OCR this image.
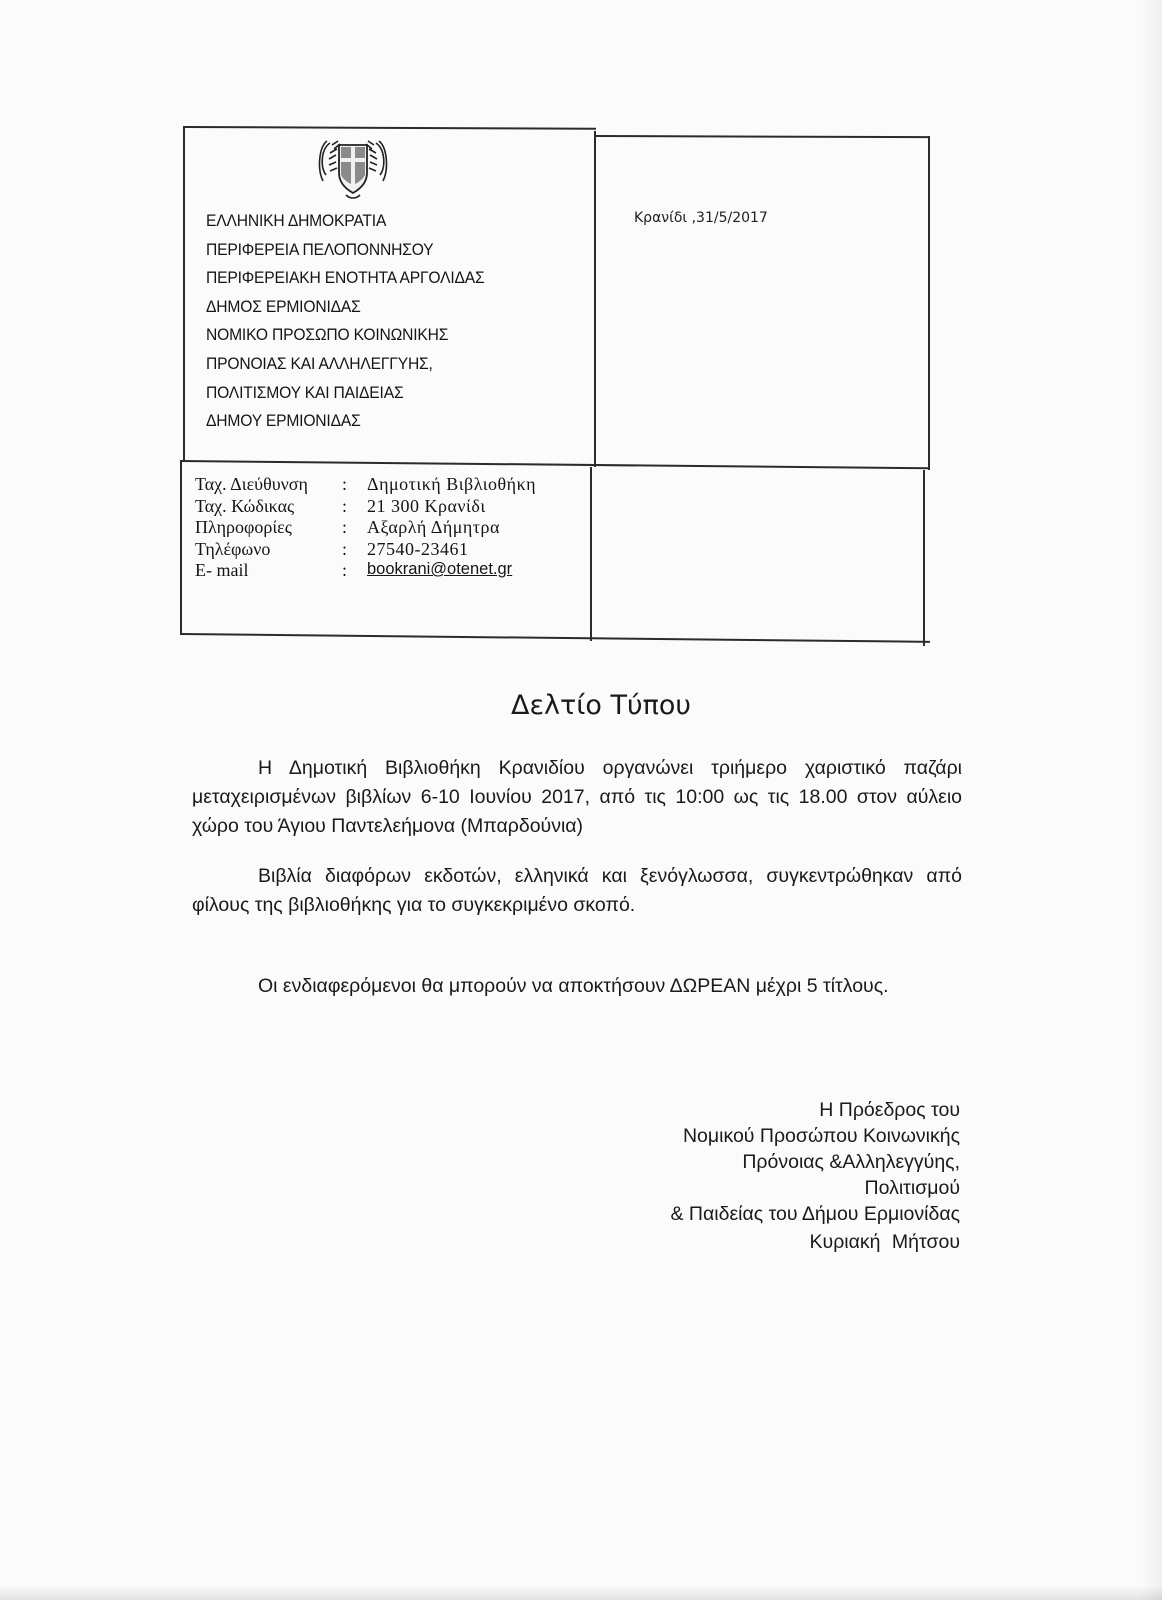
ΕΛΛΗΝΙΚΗ ΔΗΜΟΚΡΑΤΙΑ
ΠΕΡΙΦΕΡΕΙΑ ΠΕΛΟΠΟΝΝΗΣΟΥ
ΠΕΡΙΦΕΡΕΙΑΚΗ ΕΝΟΤΗΤΑ ΑΡΓΟΛΙΔΑΣ
ΔΗΜΟΣ ΕΡΜΙΟΝΙΔΑΣ
ΝΟΜΙΚΟ ΠΡΟΣΩΠΟ ΚΟΙΝΩΝΙΚΗΣ
ΠΡΟΝΟΙΑΣ ΚΑΙ ΑΛΛΗΛΕΓΓΥΗΣ,
ΠΟΛΙΤΙΣΜΟΥ ΚΑΙ ΠΑΙΔΕΙΑΣ
ΔΗΜΟΥ ΕΡΜΙΟΝΙΔΑΣ
Κρανίδι ,31/5/2017
Ταχ. Διεύθυνση : Δημοτική Βιβλιοθήκη
Ταχ. Κώδικας	: 21 300 Κρανίδι
Πληροφορίες	: Αξαρλή Δήμητρα
Τηλέφωνο	: 27540-23461
E- mail	: bookrani@otenet.gr
Δελτίο Τύπου
Η Δημοτική Βιβλιοθήκη Κρανιδίου οργανώνει τριήμερο χαριστικό παζάρι μεταχειρισμένων βιβλίων 6-10 Ιουνίου 2017, από τις 10:00 ως τις 18.00 στον αύλειο χώρο του Άγιου Παντελεήμονα (Μπαρδούνια)
Βιβλία διαφόρων εκδοτών, ελληνικά και ξενόγλωσσα, συγκεντρώθηκαν από φίλους της βιβλιοθήκης για το συγκεκριμένο σκοπό.
Οι ενδιαφερόμενοι θα μπορούν να αποκτήσουν ΔΩΡΕΑΝ μέχρι 5 τίτλους.
Η Πρόεδρος του
Νομικού Προσώπου Κοινωνικής
Πρόνοιας &Αλληλεγγύης,
Πολιτισμού
& Παιδείας του Δήμου Ερμιονίδας
Κυριακή Μήτσου
